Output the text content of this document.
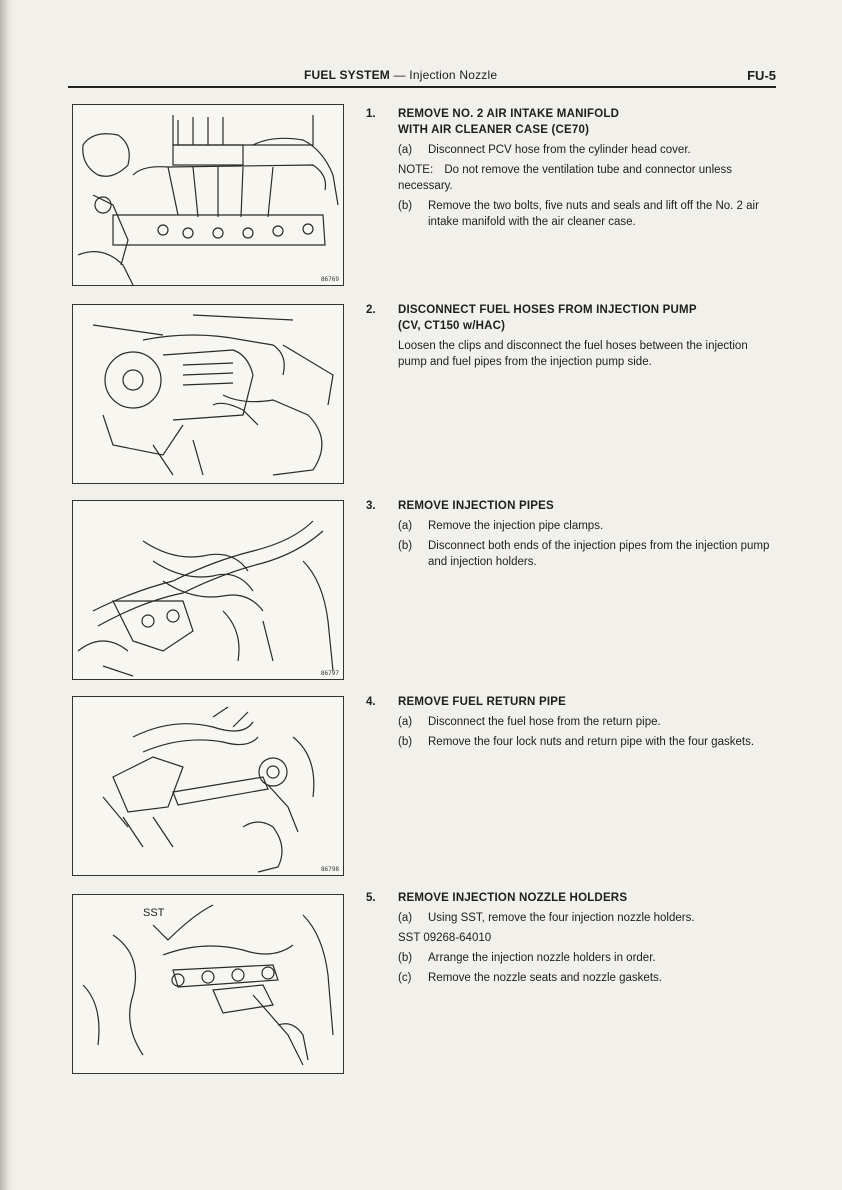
FUEL SYSTEM — Injection Nozzle	FU-5
86769
86797
86798
SST
1. REMOVE NO. 2 AIR INTAKE MANIFOLD
WITH AIR CLEANER CASE (CE70)
(a) Disconnect PCV hose from the cylinder head cover.
NOTE: Do not remove the ventilation tube and connector unless necessary.
(b) Remove the two bolts, five nuts and seals and lift off the No. 2 air intake manifold with the air cleaner case.
2. DISCONNECT FUEL HOSES FROM INJECTION PUMP
(CV, CT150 w/HAC)
Loosen the clips and disconnect the fuel hoses between the injection pump and fuel pipes from the injection pump side.
3. REMOVE INJECTION PIPES
(a) Remove the injection pipe clamps.
(b) Disconnect both ends of the injection pipes from the injection pump and injection holders.
4. REMOVE FUEL RETURN PIPE
(a) Disconnect the fuel hose from the return pipe.
(b) Remove the four lock nuts and return pipe with the four gaskets.
5. REMOVE INJECTION NOZZLE HOLDERS
(a) Using SST, remove the four injection nozzle holders.
SST 09268-64010
(b) Arrange the injection nozzle holders in order.
(c) Remove the nozzle seats and nozzle gaskets.
